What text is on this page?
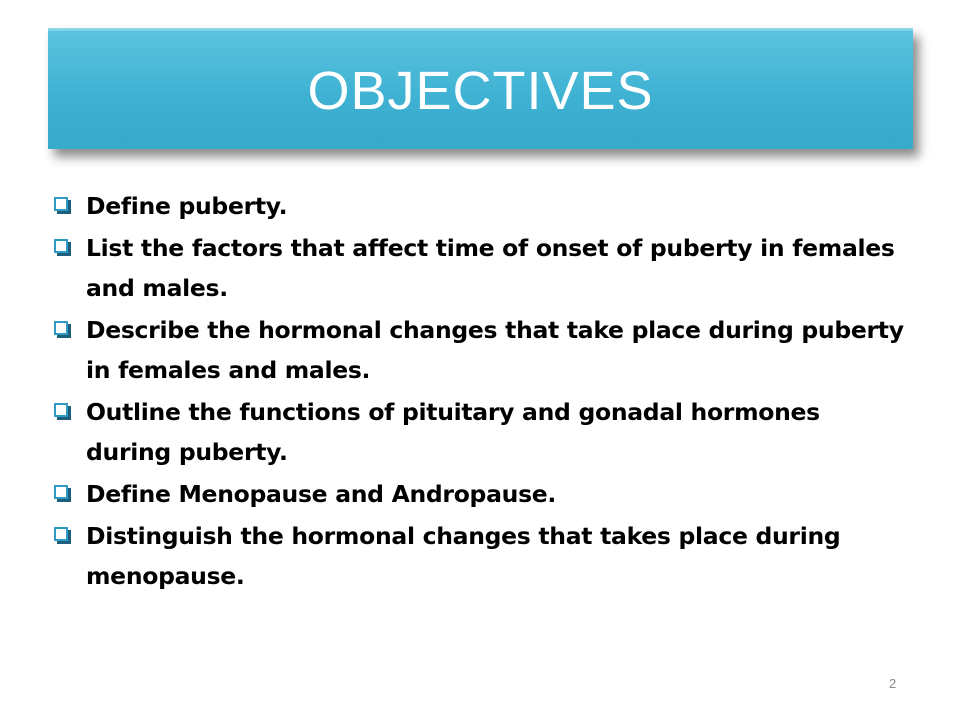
OBJECTIVES
Define puberty.
List the factors that affect time of onset of puberty in females and males.
Describe the hormonal changes that take place during puberty in females and males.
Outline the functions of pituitary and gonadal hormones during puberty.
Define Menopause and Andropause.
Distinguish the hormonal changes that takes place during menopause.
2
